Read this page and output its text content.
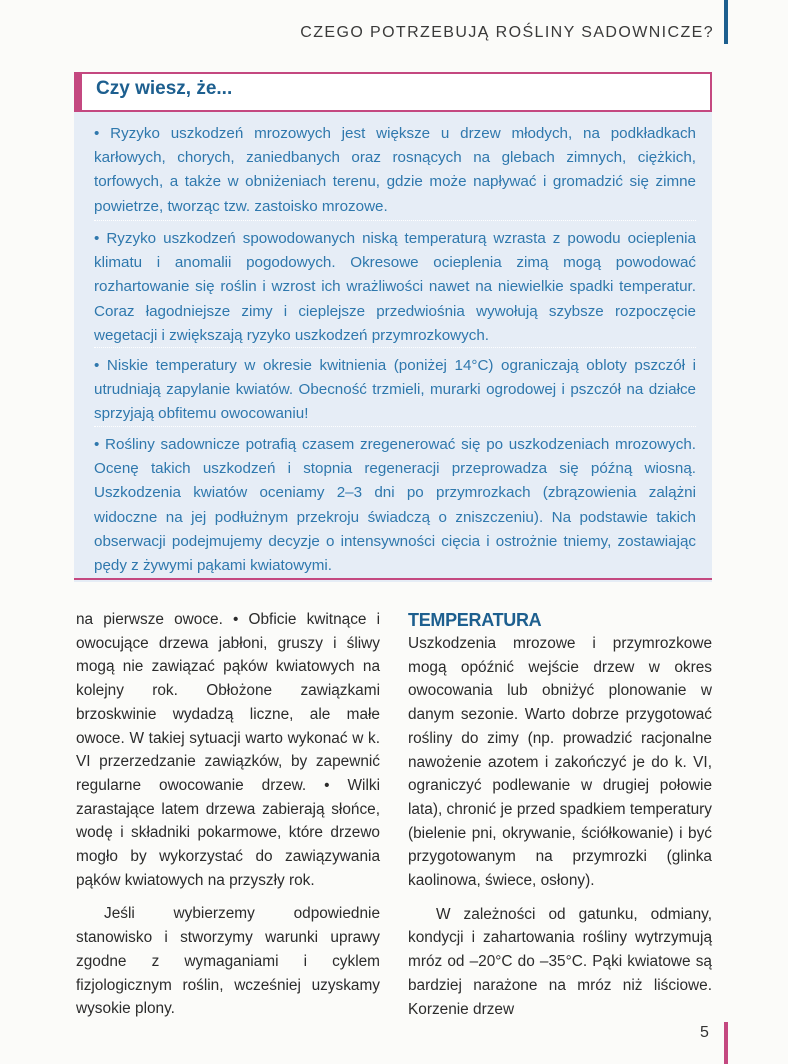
CZEGO POTRZEBUJĄ ROŚLINY SADOWNICZE?
Czy wiesz, że...

• Ryzyko uszkodzeń mrozowych jest większe u drzew młodych, na podkładkach karłowych, chorych, zaniedbanych oraz rosnących na glebach zimnych, ciężkich, torfowych, a także w obniżeniach terenu, gdzie może napływać i gromadzić się zimne powietrze, tworząc tzw. zastoisko mrozowe.

• Ryzyko uszkodzeń spowodowanych niską temperaturą wzrasta z powodu ocieplenia klimatu i anomalii pogodowych. Okresowe ocieplenia zimą mogą powodować rozhartowanie się roślin i wzrost ich wrażliwości nawet na niewielkie spadki temperatur. Coraz łagodniejsze zimy i cieplejsze przedwiośnia wywołują szybsze rozpoczęcie wegetacji i zwiększają ryzyko uszkodzeń przymrozkowych.

• Niskie temperatury w okresie kwitnienia (poniżej 14°C) ograniczają obloty pszczół i utrudniają zapylanie kwiatów. Obecność trzmieli, murarki ogrodowej i pszczół na działce sprzyjają obfitemu owocowaniu!

• Rośliny sadownicze potrafią czasem zregenerować się po uszkodzeniach mrozowych. Ocenę takich uszkodzeń i stopnia regeneracji przeprowadza się późną wiosną. Uszkodzenia kwiatów oceniamy 2–3 dni po przymrozkach (zbrązowienia zalążni widoczne na jej podłużnym przekroju świadczą o zniszczeniu). Na podstawie takich obserwacji podejmujemy decyzje o intensywności cięcia i ostrożnie tniemy, zostawiając pędy z żywymi pąkami kwiatowymi.

na pierwsze owoce. • Obficie kwitnące i owocujące drzewa jabłoni, gruszy i śliwy mogą nie zawiązać pąków kwiatowych na kolejny rok. Obłożone zawiązkami brzoskwinie wydadzą liczne, ale małe owoce. W takiej sytuacji warto wykonać w k. VI przerzedzanie zawiązków, by zapewnić regularne owocowanie drzew. • Wilki zarastające latem drzewa zabierają słońce, wodę i składniki pokarmowe, które drzewo mogło by wykorzystać do zawiązywania pąków kwiatowych na przyszły rok.

Jeśli wybierzemy odpowiednie stanowisko i stworzymy warunki uprawy zgodne z wymaganiami i cyklem fizjologicznym roślin, wcześniej uzyskamy wysokie plony.

TEMPERATURA

Uszkodzenia mrozowe i przymrozkowe mogą opóźnić wejście drzew w okres owocowania lub obniżyć plonowanie w danym sezonie. Warto dobrze przygotować rośliny do zimy (np. prowadzić racjonalne nawożenie azotem i zakończyć je do k. VI, ograniczyć podlewanie w drugiej połowie lata), chronić je przed spadkiem temperatury (bielenie pni, okrywanie, ściółkowanie) i być przygotowanym na przymrozki (glinka kaolinowa, świece, osłony).

W zależności od gatunku, odmiany, kondycji i zahartowania rośliny wytrzymują mróz od –20°C do –35°C. Pąki kwiatowe są bardziej narażone na mróz niż liściowe. Korzenie drzew

5
